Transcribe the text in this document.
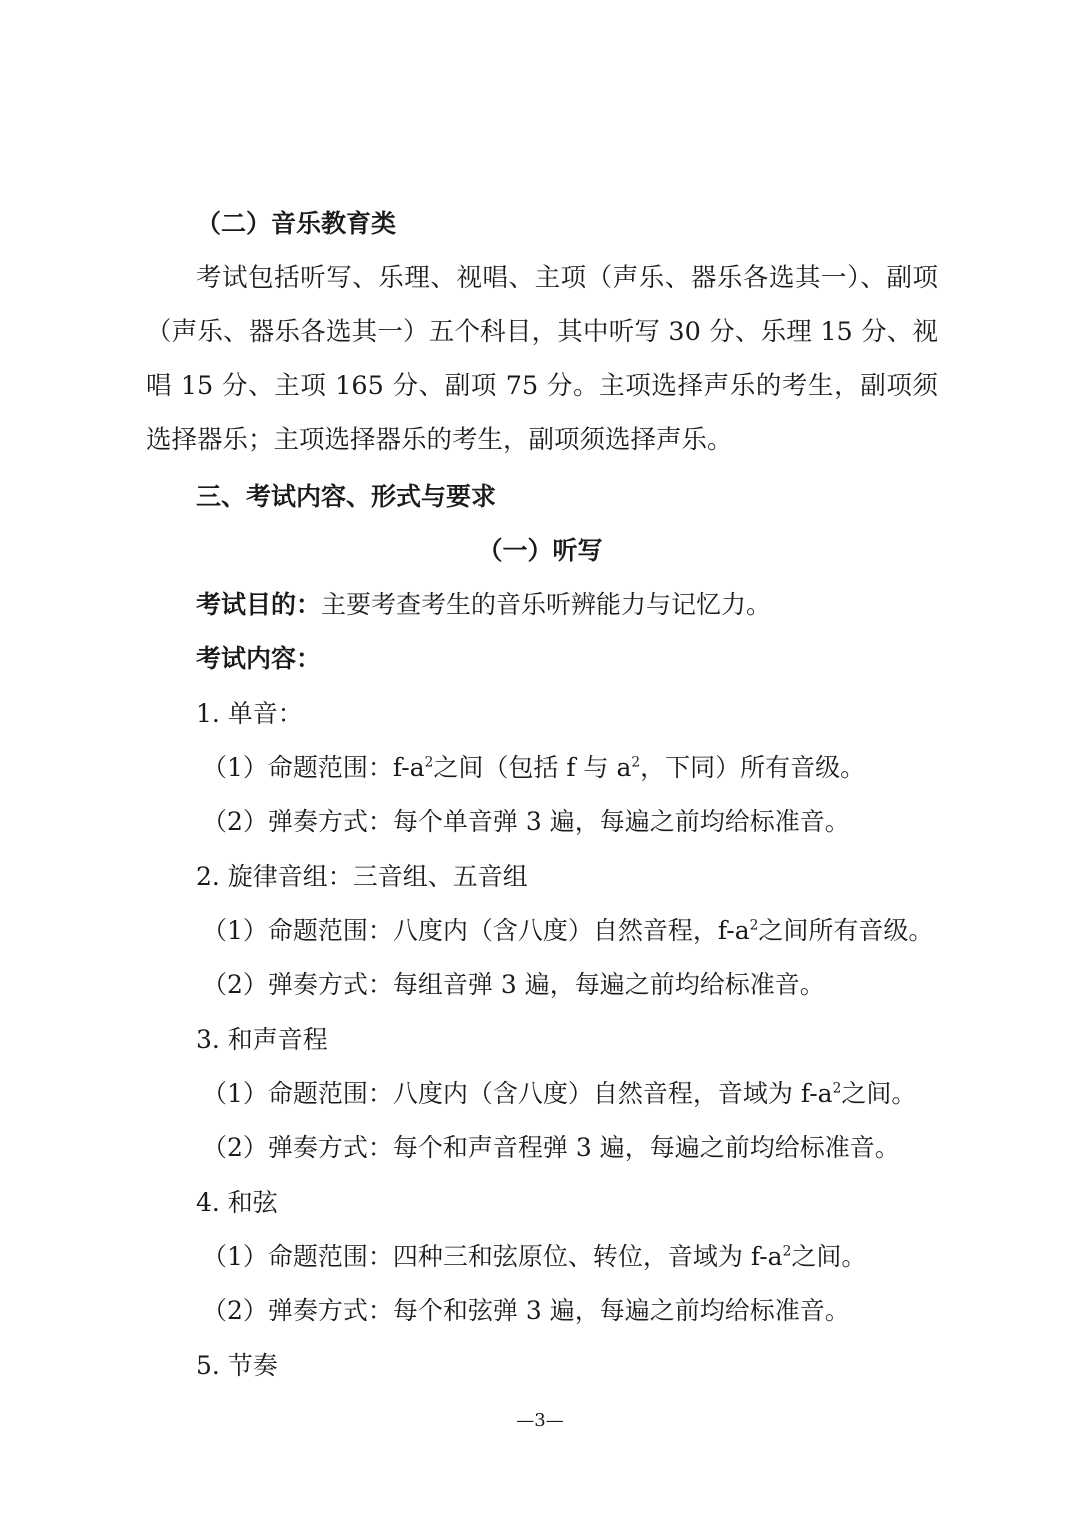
（二）音乐教育类
考试包括听写、乐理、视唱、主项（声乐、器乐各选其一）、副项（声乐、器乐各选其一）五个科目，其中听写 30 分、乐理 15 分、视唱 15 分、主项 165 分、副项 75 分。主项选择声乐的考生，副项须选择器乐；主项选择器乐的考生，副项须选择声乐。
三、考试内容、形式与要求
（一）听写
考试目的：主要考查考生的音乐听辨能力与记忆力。
考试内容：
1. 单音：
（1）命题范围：$f-a^2$之间（包括 f 与 $a^2$，下同）所有音级。
（2）弹奏方式：每个单音弹 3 遍，每遍之前均给标准音。
2. 旋律音组：三音组、五音组
（1）命题范围：八度内（含八度）自然音程，$f-a^2$之间所有音级。
（2）弹奏方式：每组音弹 3 遍，每遍之前均给标准音。
3. 和声音程
（1）命题范围：八度内（含八度）自然音程，音域为 $f-a^2$之间。
（2）弹奏方式：每个和声音程弹 3 遍，每遍之前均给标准音。
4. 和弦
（1）命题范围：四种三和弦原位、转位，音域为 $f-a^2$之间。
（2）弹奏方式：每个和弦弹 3 遍，每遍之前均给标准音。
5. 节奏
—3—
